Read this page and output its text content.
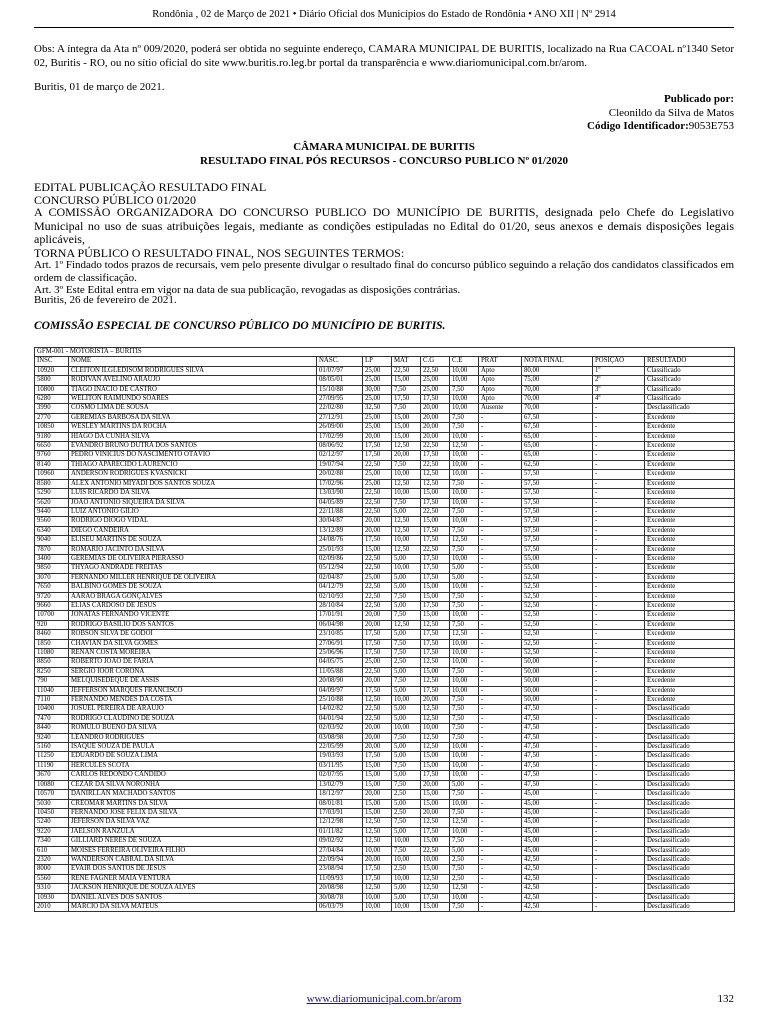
Rondônia , 02 de Março de 2021 • Diário Oficial dos Municípios do Estado de Rondônia • ANO XII | Nº 2914
Obs: A íntegra da Ata nº 009/2020, poderá ser obtida no seguinte endereço, CAMARA MUNICIPAL DE BURITIS, localizado na Rua CACOAL nº1340 Setor 02, Buritis - RO, ou no sítio oficial do site www.buritis.ro.leg.br portal da transparência e www.diariomunicipal.com.br/arom.
Buritis, 01 de março de 2021.
Publicado por:
Cleonildo da Silva de Matos
Código Identificador:9053E753
CÂMARA MUNICIPAL DE BURITIS
RESULTADO FINAL PÓS RECURSOS - CONCURSO PUBLICO Nº 01/2020

EDITAL PUBLICAÇÃO RESULTADO FINAL

CONCURSO PÚBLICO 01/2020

A COMISSÃO ORGANIZADORA DO CONCURSO PUBLICO DO MUNICÍPIO DE BURITIS, designada pelo Chefe do Legislativo Municipal no uso de suas atribuições legais, mediante as condições estipuladas no Edital do 01/20, seus anexos e demais disposições legais aplicáveis,

TORNA PÚBLICO O RESULTADO FINAL, NOS SEGUINTES TERMOS:

Art. 1º Findado todos prazos de recursais, vem pelo presente divulgar o resultado final do concurso público seguindo a relação dos candidatos classificados em ordem de classificação.

Art. 3º Este Edital entra em vigor na data de sua publicação, revogadas as disposições contrárias.

Buritis, 26 de fevereiro de 2021.
COMISSÃO ESPECIAL DE CONCURSO PÚBLICO DO MUNICÍPIO DE BURITIS.
GFM-001 - MOTORISTA – BURITIS										
INSC	NOME	NASC.	LP	MAT	C.G	C.E	PRAT	NOTA FINAL	POSIÇAO	RESULTADO
10920	CLEITON ILGLEDISOM RODRIGUES SILVA	01/07/97	25,00	22,50	22,50	10,00	Apto	80,00	1º	Classificado
5800	RODIVAN AVELINO ARAUJO	08/05/01	25,00	15,00	25,00	10,00	Apto	75,00	2º	Classificado
10800	TIAGO INACIO DE CASTRO	15/10/88	30,00	7,50	25,00	7,50	Apto	70,00	3º	Classificado
6280	WELITON RAIMUNDO SOARES	27/09/95	25,00	17,50	17,50	10,00	Apto	70,00	4º	Classificado
3990	COSMO LIMA DE SOUSA	22/02/80	32,50	7,50	20,00	10,00	Ausente	70,00	-	Desclassificado
2770	GEREMIAS BARBOSA DA SILVA	27/12/91	25,00	15,00	20,00	7,50	-	67,50	-	Excedente
10850	WESLEY MARTINS DA ROCHA	26/09/00	25,00	15,00	20,00	7,50	-	67,50	-	Excedente
9180	HIAGO DA CUNHA SILVA	17/02/99	20,00	15,00	20,00	10,00	-	65,00	-	Excedente
6650	EVANDRO BRUNO DUTRA DOS SANTOS	08/06/92	17,50	12,50	22,50	12,50	-	65,00	-	Excedente
9760	PEDRO VINICIUS DO NASCIMENTO OTÁVIO	02/12/97	17,50	20,00	17,50	10,00	-	65,00	-	Excedente
8140	THIAGO APARECIDO LAURENCIO	19/07/94	22,50	7,50	22,50	10,00	-	62,50	-	Excedente
10960	ANDERSON RODRIGUES KVASNICKI	20/02/88	25,00	10,00	12,50	10,00	-	57,50	-	Excedente
8580	ALEX ANTONIO MIYADI DOS SANTOS SOUZA	17/02/96	25,00	12,50	12,50	7,50	-	57,50	-	Excedente
5290	LUIS RICARDO DA SILVA	13/03/90	22,50	10,00	15,00	10,00	-	57,50	-	Excedente
5620	JOAO ANTONIO SIQUEIRA DA SILVA	04/05/89	22,50	7,50	17,50	10,00	-	57,50	-	Excedente
9440	LUIZ ANTONIO GILIO	22/11/88	22,50	5,00	22,50	7,50	-	57,50	-	Excedente
9560	RODRIGO DIOGO VIDAL	30/04/87	20,00	12,50	15,00	10,00	-	57,50	-	Excedente
6340	DIEGO CANDEIRA	13/12/89	20,00	12,50	17,50	7,50	-	57,50	-	Excedente
9040	ELISEU MARTINS DE SOUZA	24/08/76	17,50	10,00	17,50	12,50	-	57,50	-	Excedente
7870	ROMARIO JACINTO DA SILVA	25/01/93	15,00	12,50	22,50	7,50	-	57,50	-	Excedente
3400	GEREMIAS DE OLIVEIRA PIERASSO	02/09/86	22,50	5,00	17,50	10,00	-	55,00	-	Excedente
9850	THYAGO ANDRADE FREITAS	05/12/94	22,50	10,00	17,50	5,00	-	55,00	-	Excedente
3070	FERNANDO MILLER HENRIQUE DE OLIVEIRA	02/04/87	25,00	5,00	17,50	5,00	-	52,50	-	Excedente
7650	BALBINO GOMES DE SOUZA	04/12/79	22,50	5,00	15,00	10,00	-	52,50	-	Excedente
9720	AARÃO BRAGA GONÇALVES	02/10/93	22,50	7,50	15,00	7,50	-	52,50	-	Excedente
9660	ELIAS CARDOSO DE JESUS	28/10/84	22,50	5,00	17,50	7,50	-	52,50	-	Excedente
10700	JONATAS FERNANDO VICENTE	17/01/91	20,00	7,50	15,00	10,00	-	52,50	-	Excedente
920	RODRIGO BASILIO DOS SANTOS	06/04/98	20,00	12,50	12,50	7,50	-	52,50	-	Excedente
8460	ROBSON SILVA DE GODOI	23/10/85	17,50	5,00	17,50	12,50	-	52,50	-	Excedente
1850	CHAVIAN DA SILVA GOMES	27/06/91	17,50	7,50	17,50	10,00	-	52,50	-	Excedente
11080	RENAN COSTA MOREIRA	25/06/96	17,50	7,50	17,50	10,00	-	52,50	-	Excedente
8850	ROBERTO JOAO DE FARIA	04/05/75	25,00	2,50	12,50	10,00	-	50,00	-	Excedente
8250	SERGIO IOOR CORONA	11/05/88	22,50	5,00	15,00	7,50	-	50,00	-	Excedente
790	MELQUISEDEQUE DE ASSIS	20/08/90	20,00	7,50	12,50	10,00	-	50,00	-	Excedente
11040	JEFFERSON MARQUES FRANCISCO	04/09/97	17,50	5,00	17,50	10,00	-	50,00	-	Excedente
7110	FERNANDO MENDES DA COSTA	25/10/88	12,50	10,00	20,00	7,50	-	50,00	-	Excedente
10400	JOSUEL PEREIRA DE ARAUJO	14/02/82	22,50	5,00	12,50	7,50	-	47,50	-	Desclassificado
7470	RODRIGO CLAUDINO DE SOUZA	04/01/94	22,50	5,00	12,50	7,50	-	47,50	-	Desclassificado
8440	ROMULO BUENO DA SILVA	02/03/92	20,00	10,00	10,00	7,50	-	47,50	-	Desclassificado
9240	LEANDRO RODRIGUES	03/08/98	20,00	7,50	12,50	7,50	-	47,50	-	Desclassificado
5160	ISAQUE SOUZA DE PAULA	22/05/99	20,00	5,00	12,50	10,00	-	47,50	-	Desclassificado
11250	EDUARDO DE SOUZA LIMA	19/03/93	17,50	5,00	15,00	10,00	-	47,50	-	Desclassificado
11190	HÉRCULES SCOTA	03/11/95	15,00	7,50	15,00	10,00	-	47,50	-	Desclassificado
3670	CARLOS REDONDO CANDIDO	02/07/95	15,00	5,00	17,50	10,00	-	47,50	-	Desclassificado
10080	CEZAR DA SILVA NORONHA	13/02/79	15,00	7,50	20,00	5,00	-	47,50	-	Desclassificado
10570	DANIRLLAN MACHADO SANTOS	18/12/97	20,00	2,50	15,00	7,50	-	45,00	-	Desclassificado
5030	CREOMAR MARTINS DA SILVA	08/01/81	15,00	5,00	15,00	10,00	-	45,00	-	Desclassificado
10450	FERNANDO JOSÉ FELIX DA SILVA	17/03/91	15,00	2,50	20,00	7,50	-	45,00	-	Desclassificado
5240	JEFERSON DA SILVA VAZ	12/12/98	12,50	7,50	12,50	12,50	-	45,00	-	Desclassificado
9220	JAELSON RANZULA	01/11/82	12,50	5,00	17,50	10,00	-	45,00	-	Desclassificado
7340	GILLIARD NERES DE SOUZA	09/02/92	12,50	10,00	15,00	7,50	-	45,00	-	Desclassificado
610	MOISES FERREIRA OLIVEIRA FILHO	27/04/84	10,00	7,50	22,50	5,00	-	45,00	-	Desclassificado
2320	WANDERSON CABRAL DA SILVA	22/09/94	20,00	10,00	10,00	2,50	-	42,50	-	Desclassificado
8000	EVAIR DOS SANTOS DE JESUS	23/08/94	17,50	2,50	15,00	7,50	-	42,50	-	Desclassificado
5560	RENE FAGNER MAIA VENTURA	11/09/93	17,50	10,00	12,50	2,50	-	42,50	-	Desclassificado
9310	JACKSON HENRIQUE DE SOUZA ALVES	20/08/98	12,50	5,00	12,50	12,50	-	42,50	-	Desclassificado
10930	DANIEL ALVES DOS SANTOS	30/08/78	10,00	5,00	17,50	10,00	-	42,50	-	Desclassificado
2010	MARCIO DA SILVA MATEUS	06/03/79	10,00	10,00	15,00	7,50	-	42,50	-	Desclassificado
www.diariomunicipal.com.br/arom	132
